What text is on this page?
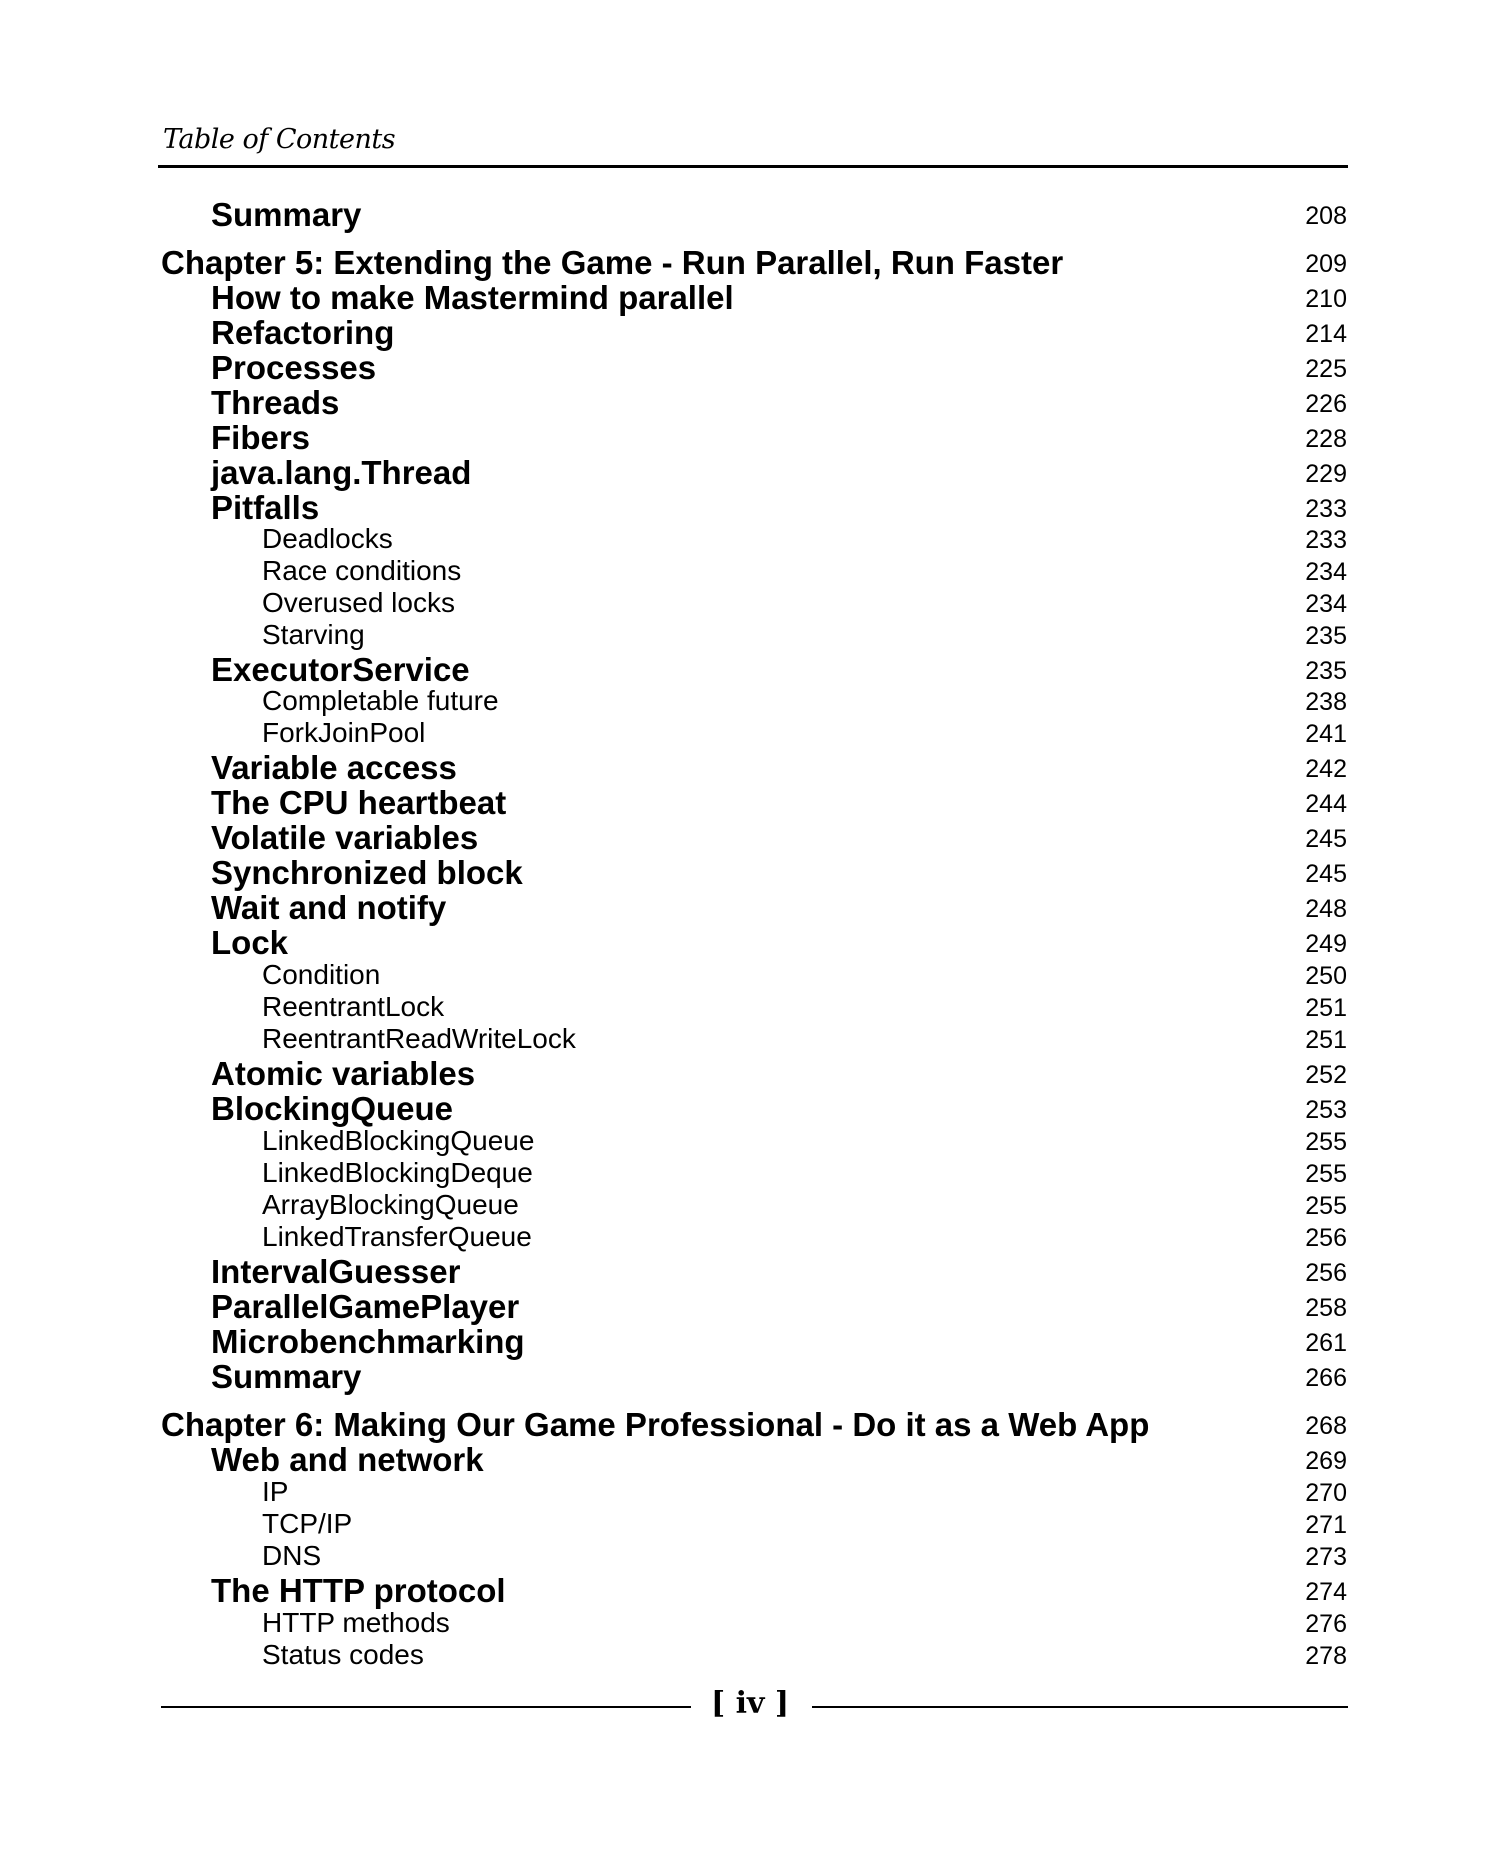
Table of Contents
Summary	208
Chapter 5: Extending the Game - Run Parallel, Run Faster	209
How to make Mastermind parallel	210
Refactoring	214
Processes	225
Threads	226
Fibers	228
java.lang.Thread	229
Pitfalls	233
Deadlocks	233
Race conditions	234
Overused locks	234
Starving	235
ExecutorService	235
Completable future	238
ForkJoinPool	241
Variable access	242
The CPU heartbeat	244
Volatile variables	245
Synchronized block	245
Wait and notify	248
Lock	249
Condition	250
ReentrantLock	251
ReentrantReadWriteLock	251
Atomic variables	252
BlockingQueue	253
LinkedBlockingQueue	255
LinkedBlockingDeque	255
ArrayBlockingQueue	255
LinkedTransferQueue	256
IntervalGuesser	256
ParallelGamePlayer	258
Microbenchmarking	261
Summary	266
Chapter 6: Making Our Game Professional - Do it as a Web App	268
Web and network	269
IP	270
TCP/IP	271
DNS	273
The HTTP protocol	274
HTTP methods	276
Status codes	278
[ iv ]
